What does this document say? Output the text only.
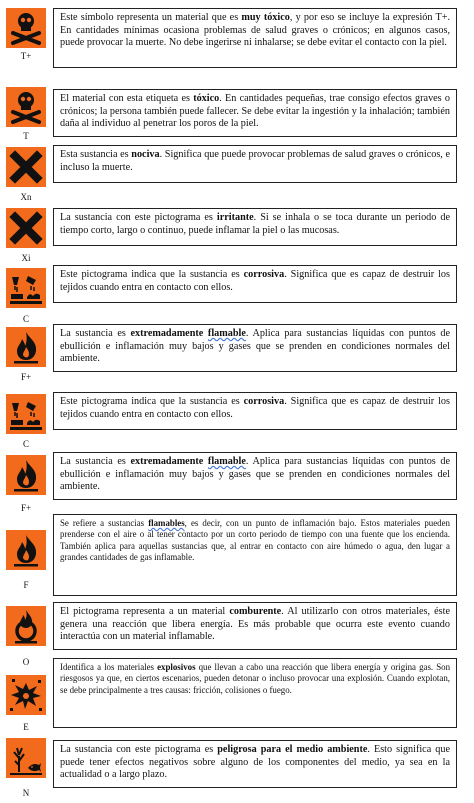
T+
Este símbolo representa un material que es muy tóxico, y por eso se incluye la expresión T+. En cantidades mínimas ocasiona problemas de salud graves o crónicos; en algunos casos, puede provocar la muerte. No debe ingerirse ni inhalarse; se debe evitar el contacto con la piel.
T
El material con esta etiqueta es tóxico. En cantidades pequeñas, trae consigo efectos graves o crónicos; la persona también puede fallecer. Se debe evitar la ingestión y la inhalación; también daña al individuo al penetrar los poros de la piel.
Xn
Esta sustancia es nociva. Significa que puede provocar problemas de salud graves o crónicos, e incluso la muerte.
Xi
La sustancia con este pictograma es irritante. Si se inhala o se toca durante un periodo de tiempo corto, largo o continuo, puede inflamar la piel o las mucosas.
C
Este pictograma indica que la sustancia es corrosiva. Significa que es capaz de destruir los tejidos cuando entra en contacto con ellos.
F+
La sustancia es extremadamente flamable. Aplica para sustancias líquidas con puntos de ebullición e inflamación muy bajos y gases que se prenden en condiciones normales del ambiente.
C
Este pictograma indica que la sustancia es corrosiva. Significa que es capaz de destruir los tejidos cuando entra en contacto con ellos.
F+
La sustancia es extremadamente flamable. Aplica para sustancias líquidas con puntos de ebullición e inflamación muy bajos y gases que se prenden en condiciones normales del ambiente.
F
Se refiere a sustancias flamables, es decir, con un punto de inflamación bajo. Estos materiales pueden prenderse con el aire o al tener contacto por un corto periodo de tiempo con una fuente que los encienda. También aplica para aquellas sustancias que, al entrar en contacto con aire húmedo o agua, den lugar a grandes cantidades de gas inflamable.
O
El pictograma representa a un material comburente. Al utilizarlo con otros materiales, éste genera una reacción que libera energía. Es más probable que ocurra este evento cuando interactúa con un material inflamable.
E
Identifica a los materiales explosivos que llevan a cabo una reacción que libera energía y origina gas. Son riesgosos ya que, en ciertos escenarios, pueden detonar o incluso provocar una explosión. Cuando explotan, se debe principalmente a tres causas: fricción, colisiones o fuego.
N
La sustancia con este pictograma es peligrosa para el medio ambiente. Esto significa que puede tener efectos negativos sobre alguno de los componentes del medio, ya sea en la actualidad o a largo plazo.
